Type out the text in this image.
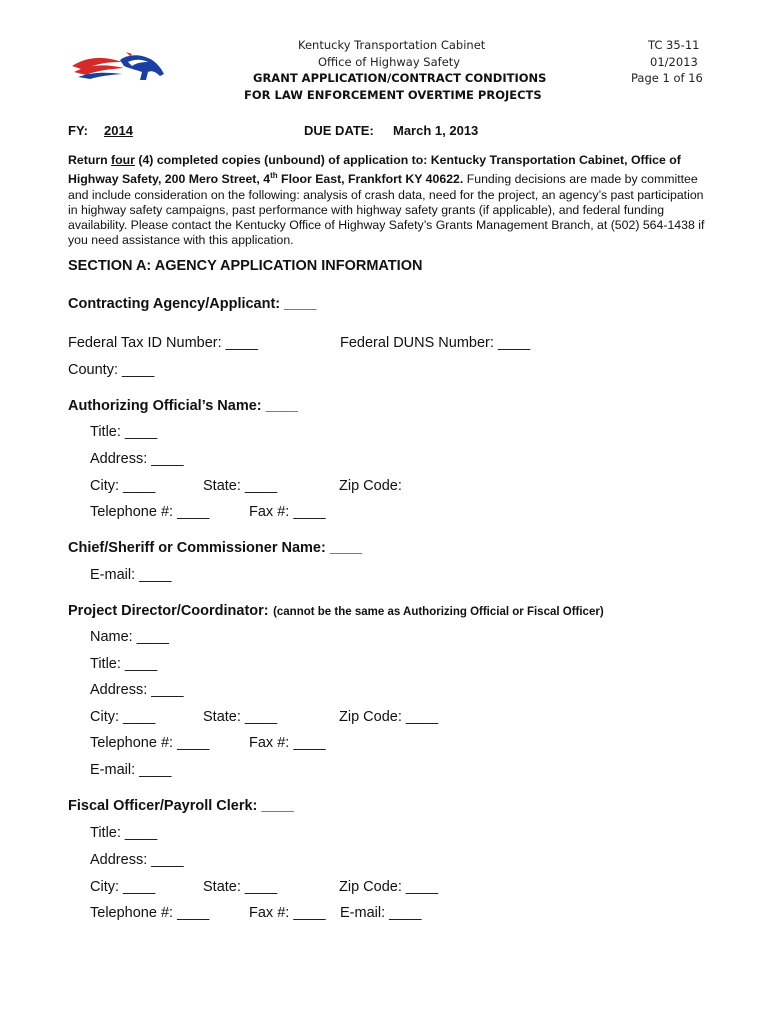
Kentucky Transportation Cabinet
Office of Highway Safety
GRANT APPLICATION/CONTRACT CONDITIONS
FOR LAW ENFORCEMENT OVERTIME PROJECTS
TC 35-11
01/2013
Page 1 of 16
FY: 2014	DUE DATE: March 1, 2013
Return four (4) completed copies (unbound) of application to: Kentucky Transportation Cabinet, Office of Highway Safety, 200 Mero Street, 4th Floor East, Frankfort KY 40622. Funding decisions are made by committee and include consideration on the following: analysis of crash data, need for the project, an agency’s past participation in highway safety campaigns, past performance with highway safety grants (if applicable), and federal funding availability. Please contact the Kentucky Office of Highway Safety’s Grants Management Branch, at (502) 564-1438 if you need assistance with this application.
SECTION A: AGENCY APPLICATION INFORMATION
Contracting Agency/Applicant: ____
Federal Tax ID Number: ____	Federal DUNS Number: ____
County: ____
Authorizing Official’s Name: ____
Title: ____
Address: ____
City: ____	State: ____	Zip Code:
Telephone #: ____	Fax #: ____
Chief/Sheriff or Commissioner Name: ____
E-mail: ____
Project Director/Coordinator: (cannot be the same as Authorizing Official or Fiscal Officer)
Name: ____
Title: ____
Address: ____
City: ____	State: ____	Zip Code: ____
Telephone #: ____	Fax #: ____
E-mail: ____
Fiscal Officer/Payroll Clerk: ____
Title: ____
Address: ____
City: ____	State: ____	Zip Code: ____
Telephone #: ____	Fax #: ____ E-mail: ____
